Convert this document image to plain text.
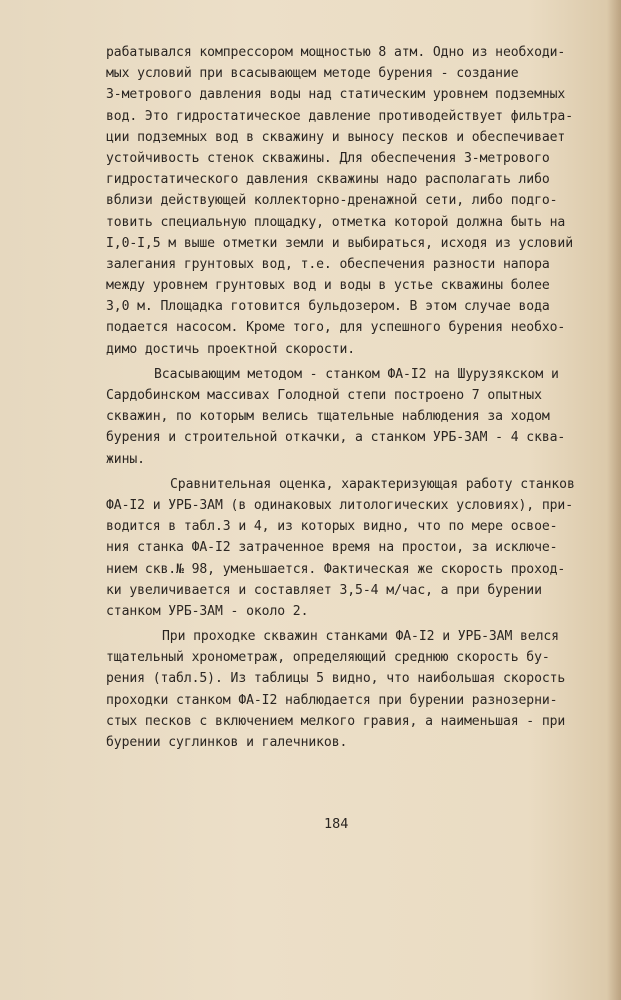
рабатывался компрессором мощностью 8 атм. Одно из необходи-
мых условий при всасывающем методе бурения - создание
3-метрового давления воды над статическим уровнем подземных
вод. Это гидростатическое давление противодействует фильтра-
ции подземных вод в скважину и выносу песков и обеспечивает
устойчивость стенок скважины. Для обеспечения 3-метрового
гидростатического давления скважины надо располагать либо
вблизи действующей коллекторно-дренажной сети, либо подго-
товить специальную площадку, отметка которой должна быть на
I,0-I,5 м выше отметки земли и выбираться, исходя из условий
залегания грунтовых вод, т.е. обеспечения разности напора
между уровнем грунтовых вод и воды в устье скважины более
3,0 м. Площадка готовится бульдозером. В этом случае вода
подается насосом. Кроме того, для успешного бурения необхо-
димо достичь проектной скорости.
Всасывающим методом - станком ФА-I2 на Шурузякском и
Сардобинском массивах Голодной степи построено 7 опытных
скважин, по которым велись тщательные наблюдения за ходом
бурения и строительной откачки, а станком УРБ-3АМ - 4 сква-
жины.
Сравнительная оценка, характеризующая работу станков
ФА-I2 и УРБ-3АМ (в одинаковых литологических условиях), при-
водится в табл.3 и 4, из которых видно, что по мере освое-
ния станка ФА-I2 затраченное время на простои, за исключе-
нием скв.№ 98, уменьшается. Фактическая же скорость проход-
ки увеличивается и составляет 3,5-4 м/час, а при бурении
станком УРБ-3АМ - около 2.
При проходке скважин станками ФА-I2 и УРБ-3АМ велся
тщательный хронометраж, определяющий среднюю скорость бу-
рения (табл.5). Из таблицы 5 видно, что наибольшая скорость
проходки станком ФА-I2 наблюдается при бурении разнозерни-
стых песков с включением мелкого гравия, а наименьшая - при
бурении суглинков и галечников.
184
